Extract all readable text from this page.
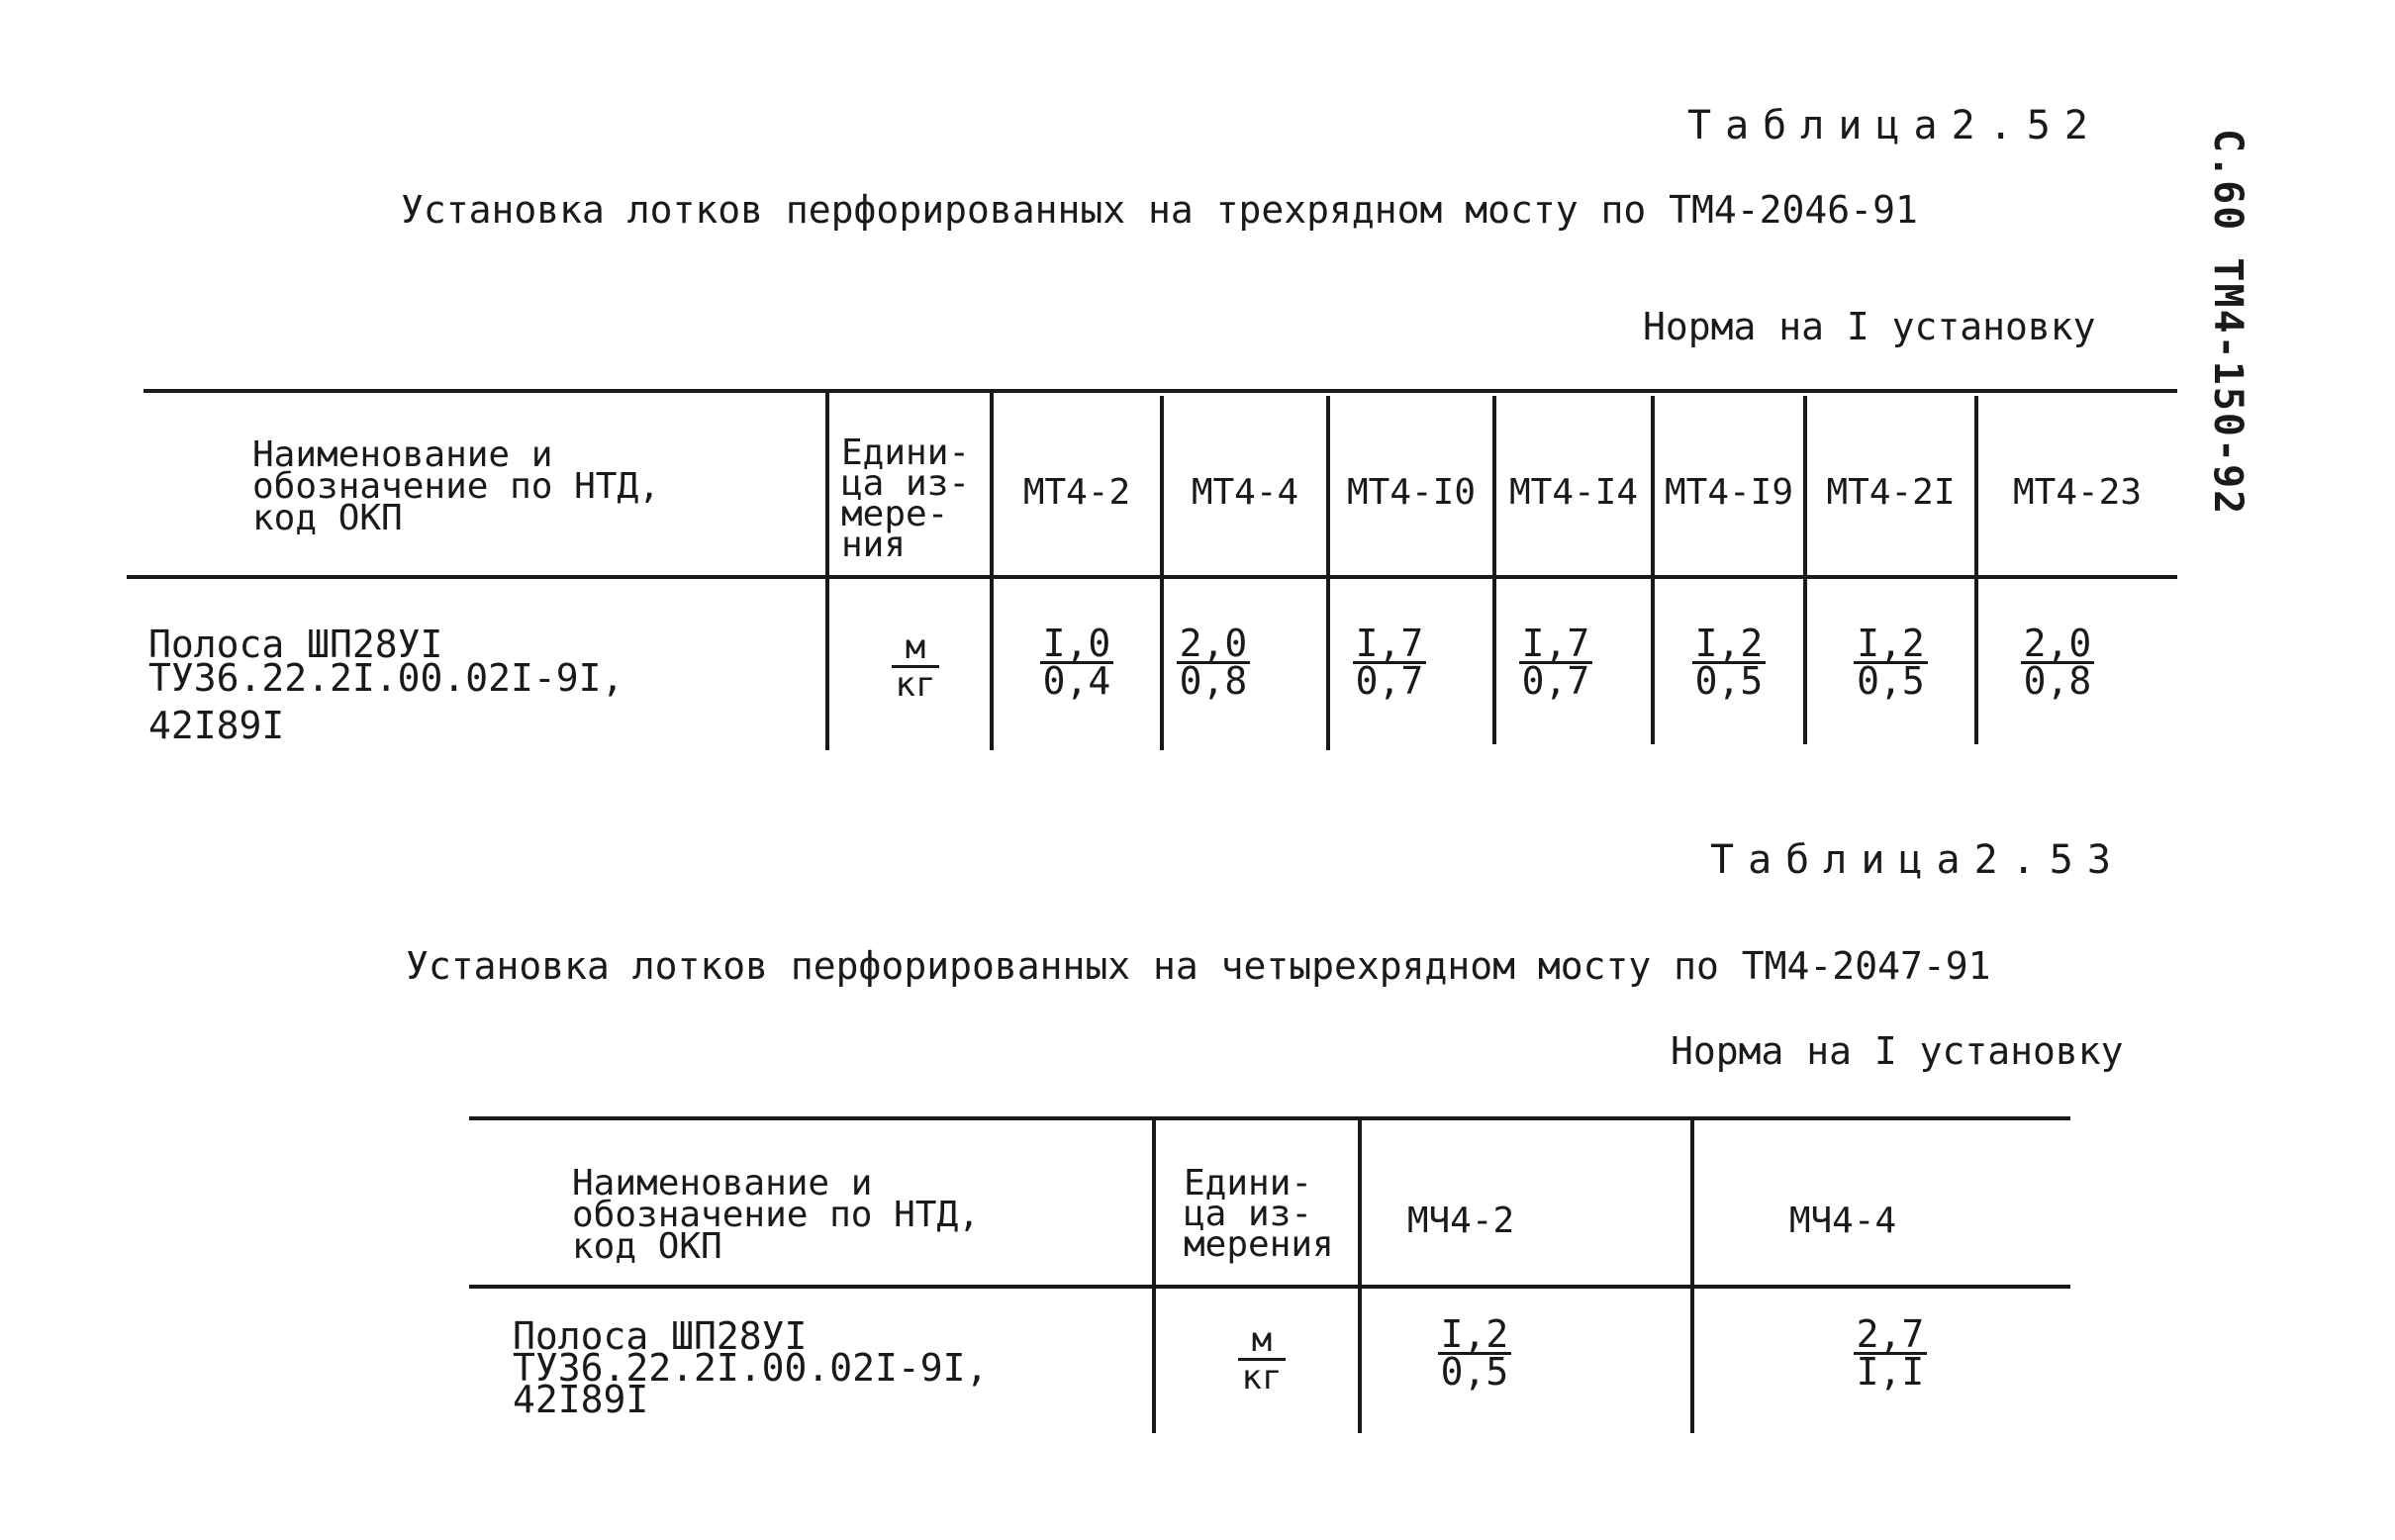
С.60 ТМ4-150-92
Таблица2.52
Установка лотков перфорированных на трехрядном мосту по ТМ4-2046-91
Норма на I установку
Наименование и
обозначение по НТД,
код ОКП
Едини-
ца из-
мере-
ния
МТ4-2	МТ4-4	МТ4-I0 МТ4-I4 МТ4-I9 МТ4-2I	МТ4-23
Полоса ШП28УI
ТУ36.22.2I.00.02I-9I,
42I89I
м
кг $\frac{I,0}{0,4} \frac{2,0}{0,8} \frac{I,7}{0,7} \frac{I,7}{0,7} \frac{I,2}{0,5} \frac{I,2}{0,5} \frac{2,0}{0,8}$
Таблица2.53
Установка лотков перфорированных на четырехрядном мосту по ТМ4-2047-91
Норма на I установку
Наименование и
обозначение по НТД,
код ОКП
Едини-
ца из-
мерения
МЧ4-2	МЧ4-4
Полоса ШП28УI
ТУ36.22.2I.00.02I-9I,
42I89I
м
кг	$\frac{I,2}{0,5}$	$\frac{2,7}{I,I}$
